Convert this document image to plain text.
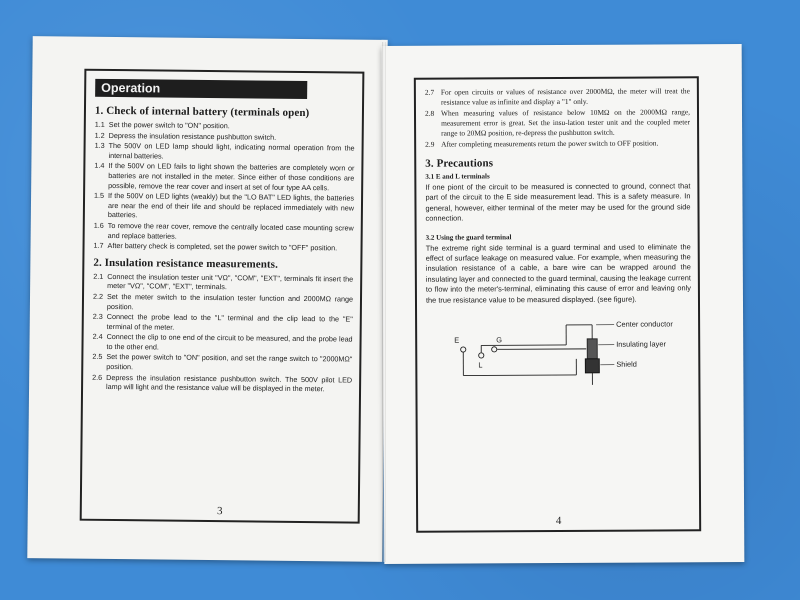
Operation
1. Check of internal battery (terminals open)
1.1 Set the power switch to "ON" position.
1.2 Depress the insulation resistance pushbutton switch.
1.3 The 500V on LED lamp should light, indicating normal operation from the internal batteries.
1.4 If the 500V on LED fails to light shown the batteries are completely worn or batteries are not installed in the meter. Since either of those conditions are possible, remove the rear cover and insert at set of four type AA cells.
1.5 If the 500V on LED lights (weakly) but the "LO BAT" LED lights, the batteries are near the end of their life and should be replaced immediately with new batteries.
1.6 To remove the rear cover, remove the centrally located case mounting screw and replace batteries.
1.7 After battery check is completed, set the power switch to "OFF" position.
2. Insulation resistance measurements.
2.1 Connect the insulation tester unit "VΩ", "COM", "EXT", terminals fit insert the meter "VΩ", "COM", "EXT", terminals.
2.2 Set the meter switch to the insulation tester function and 2000MΩ range position.
2.3 Connect the probe lead to the "L" terminal and the clip lead to the "E" terminal of the meter.
2.4 Connect the clip to one end of the circuit to be measured, and the probe lead to the other end.
2.5 Set the power switch to "ON" position, and set the range switch to "2000MΩ" position.
2.6 Depress the insulation resistance pushbutton switch. The 500V pilot LED lamp will light and the resistance value will be displayed in the meter.
3
2.7 For open circuits or values of resistance over 2000MΩ, the meter will treat the resistance value as infinite and display a "1" only.
2.8 When measuring values of resistance below 10MΩ on the 2000MΩ range, measurement error is great. Set the insu-lation tester unit and the coupled meter range to 20MΩ position, re-depress the pushbutton switch.
2.9 After completing measurements return the power switch to OFF position.
3. Precautions
3.1 E and L terminals

If one piont of the circuit to be measured is connected to ground, connect that part of the circuit to the E side measurement lead. This is a safety measure. In general, however, either terminal of the meter may be used for the ground side connection.

3.2 Using the guard terminal

The extreme right side terminal is a guard terminal and used to eliminate the effect of surface leakage on measured value. For example, when measuring the insulation resistance of a cable, a bare wire can be wrapped around the insulating layer and connected to the guard terminal, causing the leakage current to flow into the meter's-terminal, eliminating this cause of error and leaving only the true resistance value to be measured displayed. (see figure).

E	G
L
Center conductor
Insulating layer
Shield
4
